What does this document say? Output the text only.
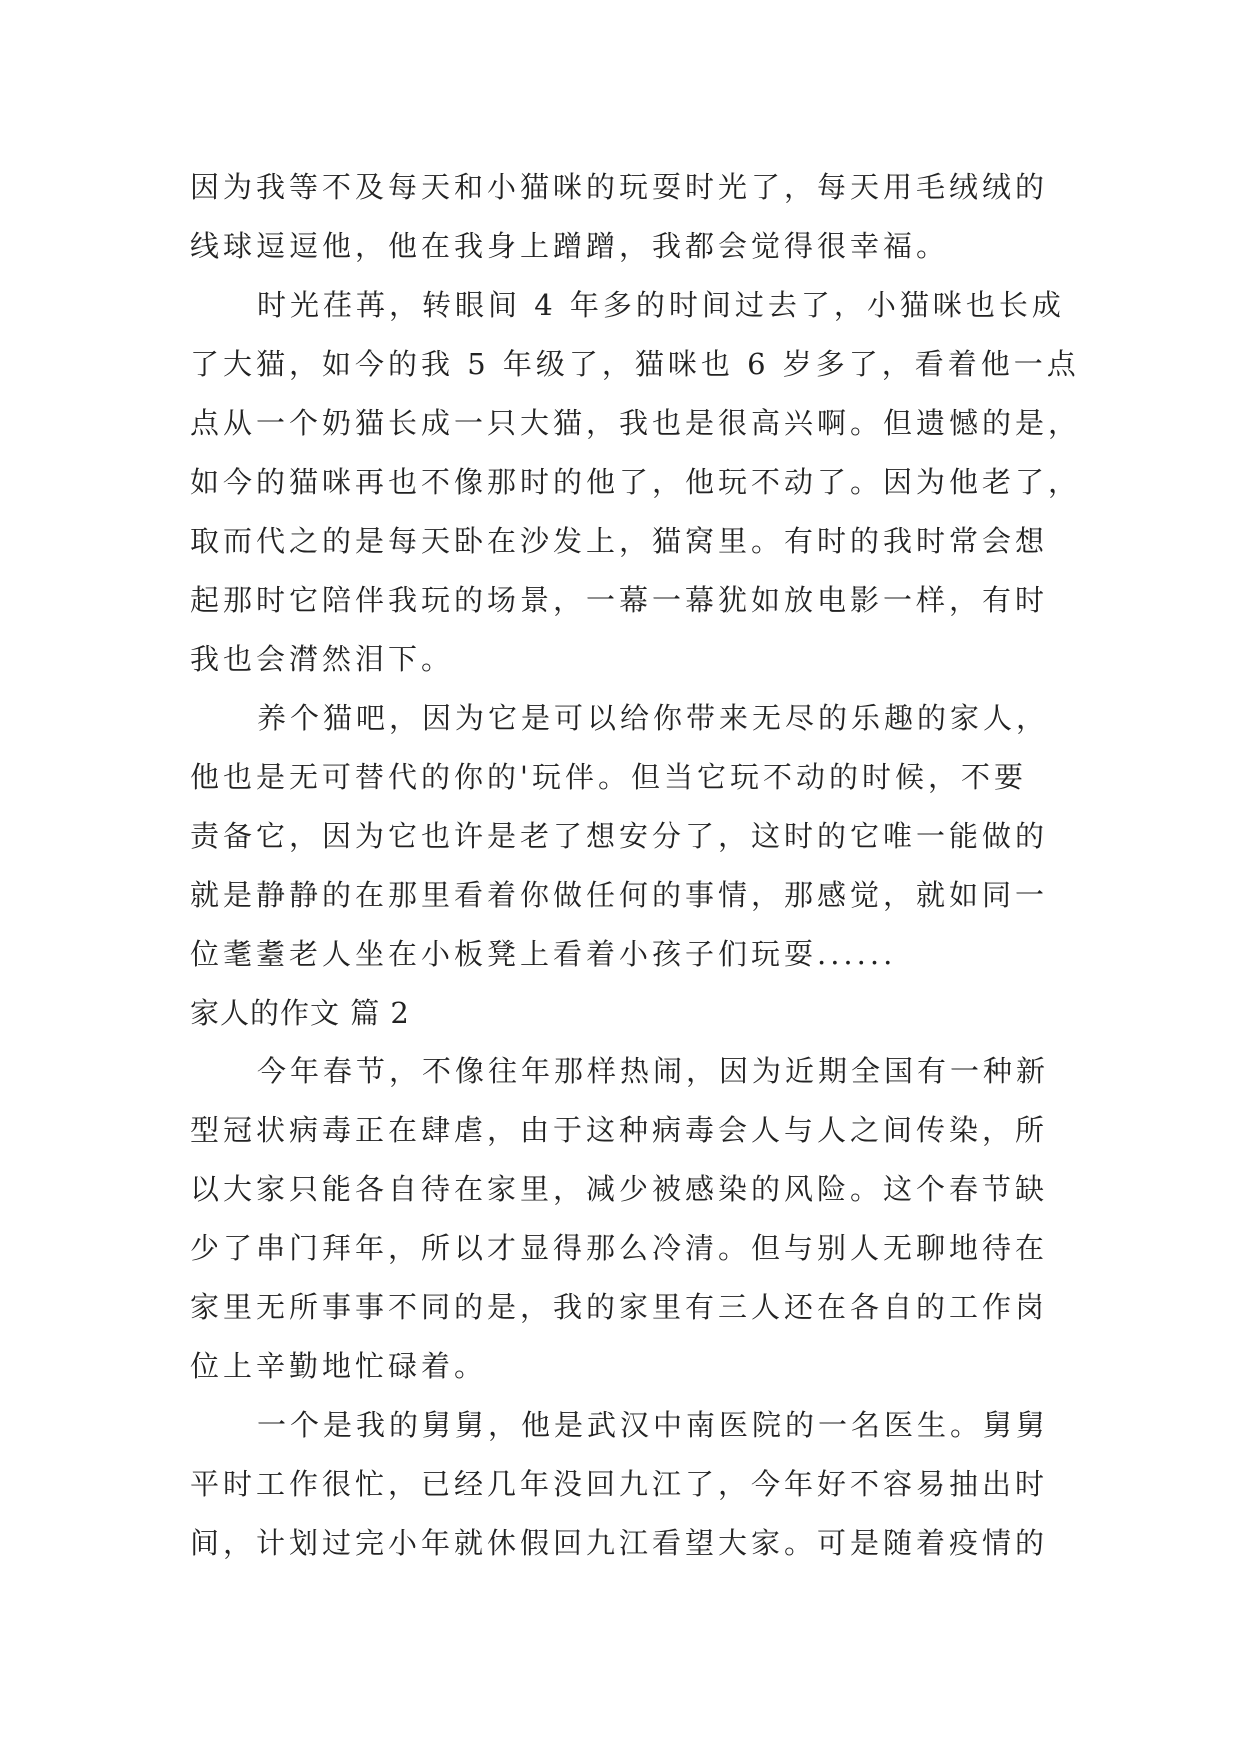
因为我等不及每天和小猫咪的玩耍时光了，每天用毛绒绒的
线球逗逗他，他在我身上蹭蹭，我都会觉得很幸福。
时光荏苒，转眼间 4 年多的时间过去了，小猫咪也长成
了大猫，如今的我 5 年级了，猫咪也 6 岁多了，看着他一点
点从一个奶猫长成一只大猫，我也是很高兴啊。但遗憾的是，
如今的猫咪再也不像那时的他了，他玩不动了。因为他老了，
取而代之的是每天卧在沙发上，猫窝里。有时的我时常会想
起那时它陪伴我玩的场景，一幕一幕犹如放电影一样，有时
我也会潸然泪下。
养个猫吧，因为它是可以给你带来无尽的乐趣的家人，
他也是无可替代的你的'玩伴。但当它玩不动的时候，不要
责备它，因为它也许是老了想安分了，这时的它唯一能做的
就是静静的在那里看着你做任何的事情，那感觉，就如同一
位耄耋老人坐在小板凳上看着小孩子们玩耍......
家人的作文 篇 2
今年春节，不像往年那样热闹，因为近期全国有一种新
型冠状病毒正在肆虐，由于这种病毒会人与人之间传染，所
以大家只能各自待在家里，减少被感染的风险。这个春节缺
少了串门拜年，所以才显得那么冷清。但与别人无聊地待在
家里无所事事不同的是，我的家里有三人还在各自的工作岗
位上辛勤地忙碌着。
一个是我的舅舅，他是武汉中南医院的一名医生。舅舅
平时工作很忙，已经几年没回九江了，今年好不容易抽出时
间，计划过完小年就休假回九江看望大家。可是随着疫情的
